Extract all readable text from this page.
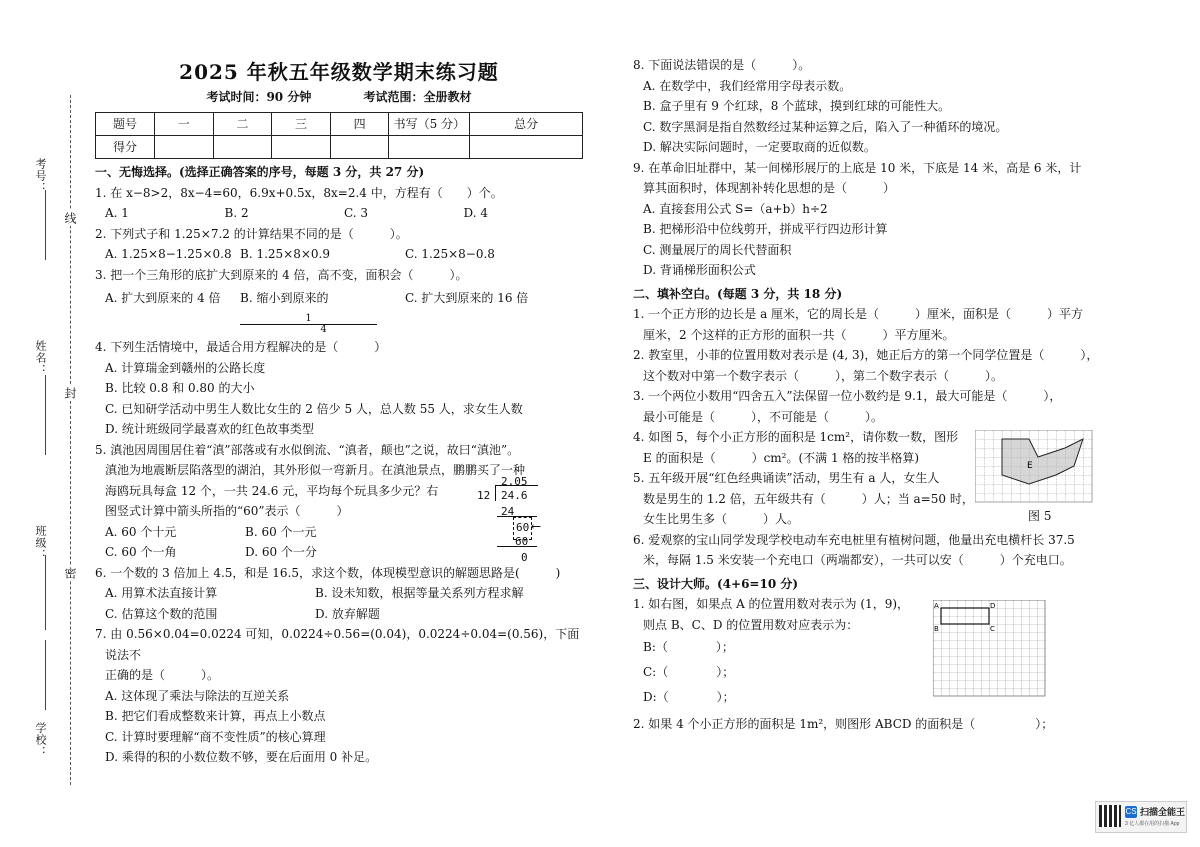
线
封
密
考号：
姓名：
班级：
学校：
2025 年秋五年级数学期末练习题
考试时间：90 分钟	考试范围：全册教材
题号	一	二	三	四	书写（5 分）	总分
得分						
一、无悔选择。(选择正确答案的序号，每题 3 分，共 27 分)
1. 在 x−8>2，8x−4=60，6.9x+0.5x，8x=2.4 中，方程有（　　）个。
A. 1	B. 2	C. 3	D. 4
2. 下列式子和 1.25×7.2 的计算结果不同的是（　　　）。
A. 1.25×8−1.25×0.8 B. 1.25×8×0.9	C. 1.25×8−0.8
3. 把一个三角形的底扩大到原来的 4 倍，高不变，面积会（　　　）。
A. 扩大到原来的 4 倍	B. 缩小到原来的
$\frac{1}{4}$
C. 扩大到原来的 16 倍
4. 下列生活情境中，最适合用方程解决的是（　　　）
A. 计算瑞金到赣州的公路长度
B. 比较 0.8 和 0.80 的大小
C. 已知研学活动中男生人数比女生的 2 倍少 5 人，总人数 55 人，求女生人数
D. 统计班级同学最喜欢的红色故事类型
5. 滇池因周围居住着“滇”部落或有水似倒流、“滇者，颠也”之说，故曰“滇池”。
滇池为地震断层陷落型的湖泊，其外形似一弯新月。在滇池景点，鹏鹏买了一种
海鸥玩具每盒 12 个，一共 24.6 元，平均每个玩具多少元？右
图竖式计算中箭头所指的“60”表示（　　　）
A. 60 个十元	B. 60 个一元
C. 60 个一角	D. 60 个一分
6. 一个数的 3 倍加上 4.5，和是 16.5，求这个数，体现模型意识的解题思路是(　　　)
A. 用算术法直接计算	B. 设未知数，根据等量关系列方程求解
C. 估算这个数的范围	D. 放弃解题
7. 由 0.56×0.04=0.0224 可知，0.0224÷0.56=(0.04)，0.0224÷0.04=(0.56)，下面说法不
正确的是（　　　）。
A. 这体现了乘法与除法的互逆关系
B. 把它们看成整数来计算，再点上小数点
C. 计算时要理解“商不变性质”的核心算理
D. 乘得的积的小数位数不够，要在后面用 0 补足。
2.05
12 24.6
24
60 ⟵
60
0
8. 下面说法错误的是（　　　）。
A. 在数学中，我们经常用字母表示数。
B. 盒子里有 9 个红球，8 个蓝球，摸到红球的可能性大。
C. 数字黑洞是指自然数经过某种运算之后，陷入了一种循环的境况。
D. 解决实际问题时，一定要取商的近似数。
9. 在革命旧址群中，某一间梯形展厅的上底是 10 米，下底是 14 米，高是 6 米，计
算其面积时，体现割补转化思想的是（　　　）
A. 直接套用公式 S=（a+b）h÷2
B. 把梯形沿中位线剪开，拼成平行四边形计算
C. 测量展厅的周长代替面积
D. 背诵梯形面积公式
二、填补空白。(每题 3 分，共 18 分)
1. 一个正方形的边长是 a 厘米，它的周长是（　　　）厘米，面积是（　　　）平方
厘米，2 个这样的正方形的面积一共（　　　）平方厘米。
2. 教室里，小菲的位置用数对表示是 (4, 3)，她正后方的第一个同学位置是（　　　），
这个数对中第一个数字表示（　　　），第二个数字表示（　　　）。
3. 一个两位小数用“四舍五入”法保留一位小数约是 9.1，最大可能是（　　　），
最小可能是（　　　），不可能是（　　　）。
4. 如图 5，每个小正方形的面积是 1cm²，请你数一数，图形
E 的面积是（　　　）cm²。(不满 1 格的按半格算)
5. 五年级开展“红色经典诵读”活动，男生有 a 人，女生人
数是男生的 1.2 倍，五年级共有（　　　）人；当 a=50 时，
女生比男生多（　　　）人。
6. 爱观察的宝山同学发现学校电动车充电桩里有植树问题，他量出充电横杆长 37.5
米，每隔 1.5 米安装一个充电口（两端都安），一共可以安（　　　）个充电口。
三、设计大师。(4+6=10 分)
1. 如右图，如果点 A 的位置用数对表示为 (1，9)，
则点 B、C、D 的位置用数对应表示为：
B:（　　　　）；
C:（　　　　）；
D:（　　　　）；
2. 如果 4 个小正方形的面积是 1m²，则图形 ABCD 的面积是（　　　　　）；
E
图 5
A	D
B	C
CS 扫描全能王
3 亿人都在用的扫描 App
